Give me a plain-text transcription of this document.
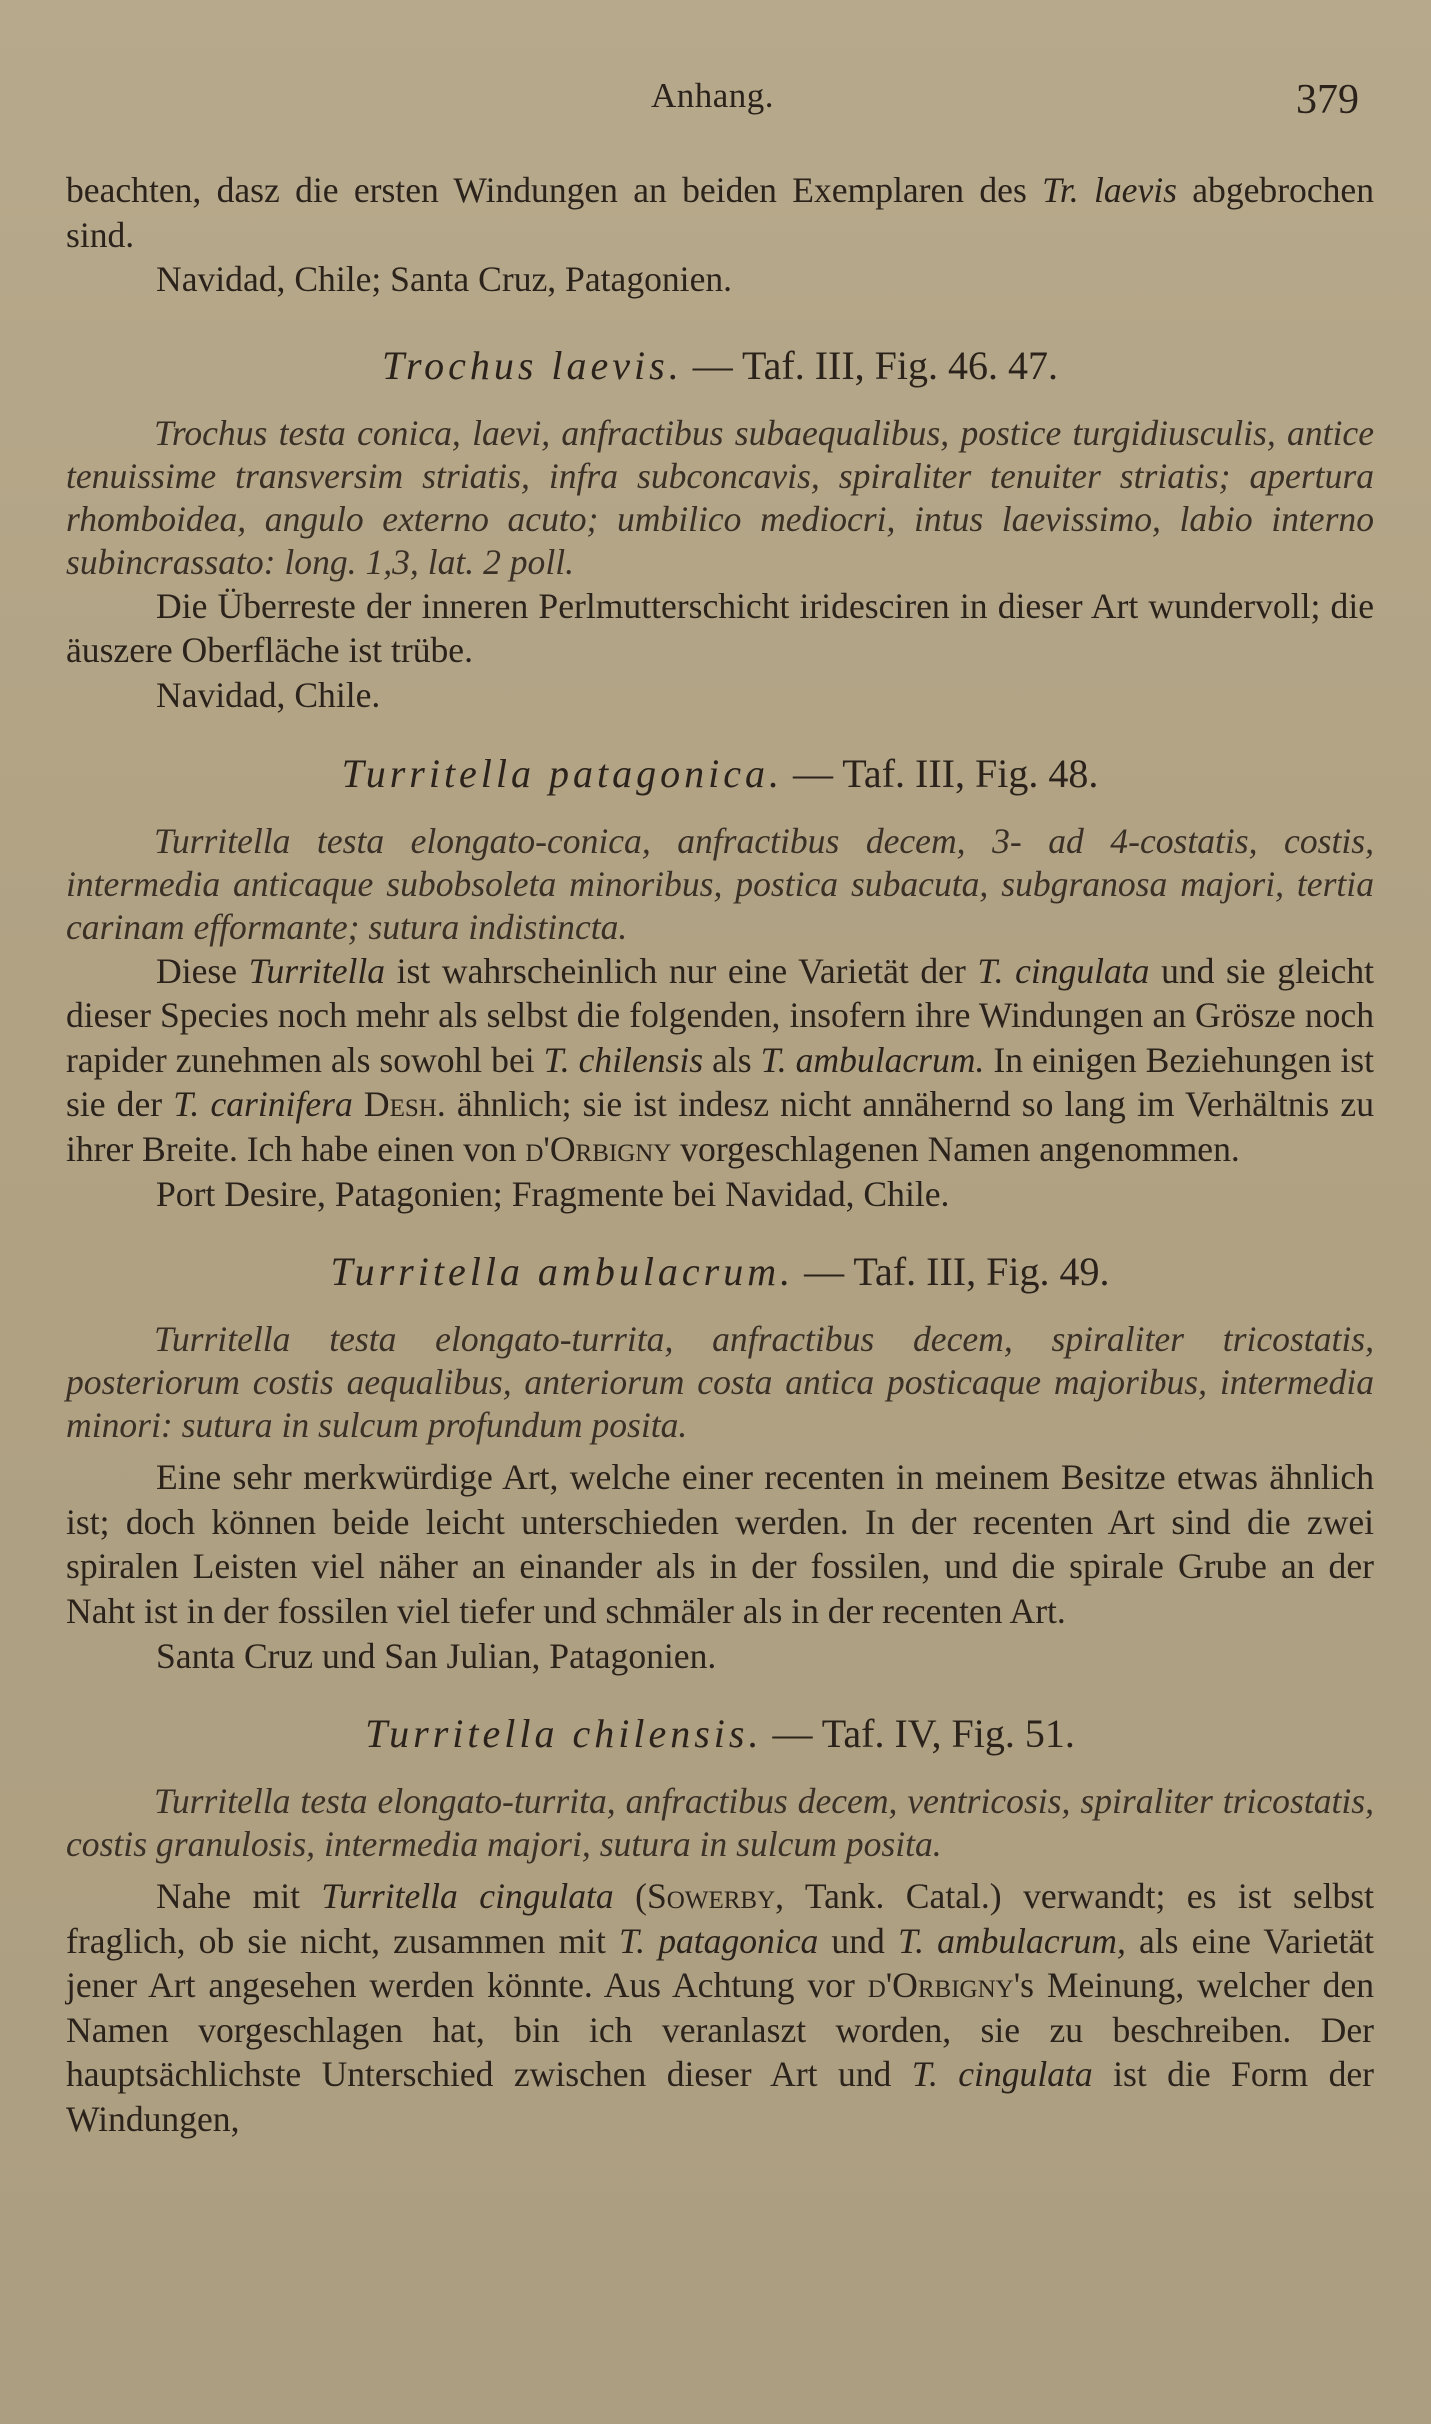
Anhang.	379

beachten, dasz die ersten Windungen an beiden Exemplaren des Tr. laevis abgebrochen sind.

Navidad, Chile; Santa Cruz, Patagonien.

Trochus laevis. — Taf. III, Fig. 46. 47.

Trochus testa conica, laevi, anfractibus subaequalibus, postice turgidiusculis, antice tenuissime transversim striatis, infra subconcavis, spiraliter tenuiter striatis; apertura rhomboidea, angulo externo acuto; umbilico mediocri, intus laevissimo, labio interno subincrassato: long. 1,3, lat. 2 poll.

Die Überreste der inneren Perlmutterschicht iridesciren in dieser Art wundervoll; die äuszere Oberfläche ist trübe.

Navidad, Chile.

Turritella patagonica. — Taf. III, Fig. 48.

Turritella testa elongato-conica, anfractibus decem, 3- ad 4-costatis, costis, intermedia anticaque subobsoleta minoribus, postica subacuta, subgranosa majori, tertia carinam efformante; sutura indistincta.

Diese Turritella ist wahrscheinlich nur eine Varietät der T. cingulata und sie gleicht dieser Species noch mehr als selbst die folgenden, insofern ihre Windungen an Grösze noch rapider zunehmen als sowohl bei T. chilensis als T. ambulacrum. In einigen Beziehungen ist sie der T. carinifera Desh. ähnlich; sie ist indesz nicht annähernd so lang im Verhältnis zu ihrer Breite. Ich habe einen von d'Orbigny vorgeschlagenen Namen angenommen.

Port Desire, Patagonien; Fragmente bei Navidad, Chile.

Turritella ambulacrum. — Taf. III, Fig. 49.

Turritella testa elongato-turrita, anfractibus decem, spiraliter tricostatis, posteriorum costis aequalibus, anteriorum costa antica posticaque majoribus, intermedia minori: sutura in sulcum profundum posita.

Eine sehr merkwürdige Art, welche einer recenten in meinem Besitze etwas ähnlich ist; doch können beide leicht unterschieden werden. In der recenten Art sind die zwei spiralen Leisten viel näher an einander als in der fossilen, und die spirale Grube an der Naht ist in der fossilen viel tiefer und schmäler als in der recenten Art.

Santa Cruz und San Julian, Patagonien.

Turritella chilensis. — Taf. IV, Fig. 51.

Turritella testa elongato-turrita, anfractibus decem, ventricosis, spiraliter tricostatis, costis granulosis, intermedia majori, sutura in sulcum posita.

Nahe mit Turritella cingulata (Sowerby, Tank. Catal.) verwandt; es ist selbst fraglich, ob sie nicht, zusammen mit T. patagonica und T. ambulacrum, als eine Varietät jener Art angesehen werden könnte. Aus Achtung vor d'Orbigny's Meinung, welcher den Namen vorgeschlagen hat, bin ich veranlaszt worden, sie zu beschreiben. Der hauptsächlichste Unterschied zwischen dieser Art und T. cingulata ist die Form der Windungen,
